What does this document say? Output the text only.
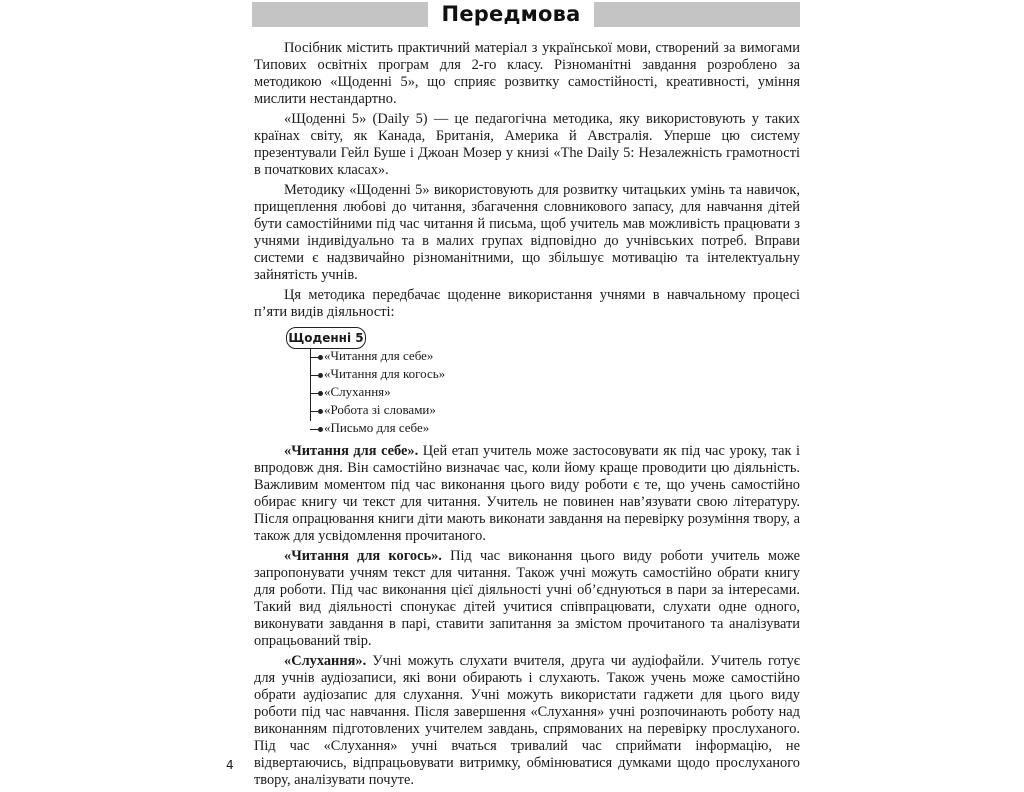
Передмова

Посібник містить практичний матеріал з української мови, створений за вимогами Типових освітніх програм для 2-го класу. Різноманітні завдання розроблено за методикою «Щоденні 5», що сприяє розвитку самостійності, креативності, уміння мислити нестандартно.

«Щоденні 5» (Daily 5) — це педагогічна методика, яку використовують у таких країнах світу, як Канада, Британія, Америка й Австралія. Уперше цю систему презентували Гейл Буше і Джоан Мозер у книзі «The Daily 5: Незалежність грамотності в початкових класах».

Методику «Щоденні 5» використовують для розвитку читацьких умінь та навичок, прищеплення любові до читання, збагачення словникового запасу, для навчання дітей бути самостійними під час читання й письма, щоб учитель мав можливість працювати з учнями індивідуально та в малих групах відповідно до учнівських потреб. Вправи системи є надзвичайно різноманітними, що збільшує мотивацію та інтелектуальну зайнятість учнів.

Ця методика передбачає щоденне використання учнями в навчальному процесі п’яти видів діяльності:

Щоденні 5
«Читання для себе»
«Читання для когось»
«Слухання»
«Робота зі словами»
«Письмо для себе»

«Читання для себе». Цей етап учитель може застосовувати як під час уроку, так і впродовж дня. Він самостійно визначає час, коли йому краще проводити цю діяльність. Важливим моментом під час виконання цього виду роботи є те, що учень самостійно обирає книгу чи текст для читання. Учитель не повинен нав’язувати свою літературу. Після опрацювання книги діти мають виконати завдання на перевірку розуміння твору, а також для усвідомлення прочитаного.

«Читання для когось». Під час виконання цього виду роботи учитель може запропонувати учням текст для читання. Також учні можуть самостійно обрати книгу для роботи. Під час виконання цієї діяльності учні об’єднуються в пари за інтересами. Такий вид діяльності спонукає дітей учитися співпрацювати, слухати одне одного, виконувати завдання в парі, ставити запитання за змістом прочитаного та аналізувати опрацьований твір.

«Слухання». Учні можуть слухати вчителя, друга чи аудіофайли. Учитель готує для учнів аудіозаписи, які вони обирають і слухають. Також учень може самостійно обрати аудіозапис для слухання. Учні можуть використати гаджети для цього виду роботи під час навчання. Після завершення «Слухання» учні розпочинають роботу над виконанням підготовлених учителем завдань, спрямованих на перевірку прослуханого. Під час «Слухання» учні вчаться тривалий час сприймати інформацію, не відвертаючись, відпрацьовувати витримку, обмінюватися думками щодо прослуханого твору, аналізувати почуте.

4
